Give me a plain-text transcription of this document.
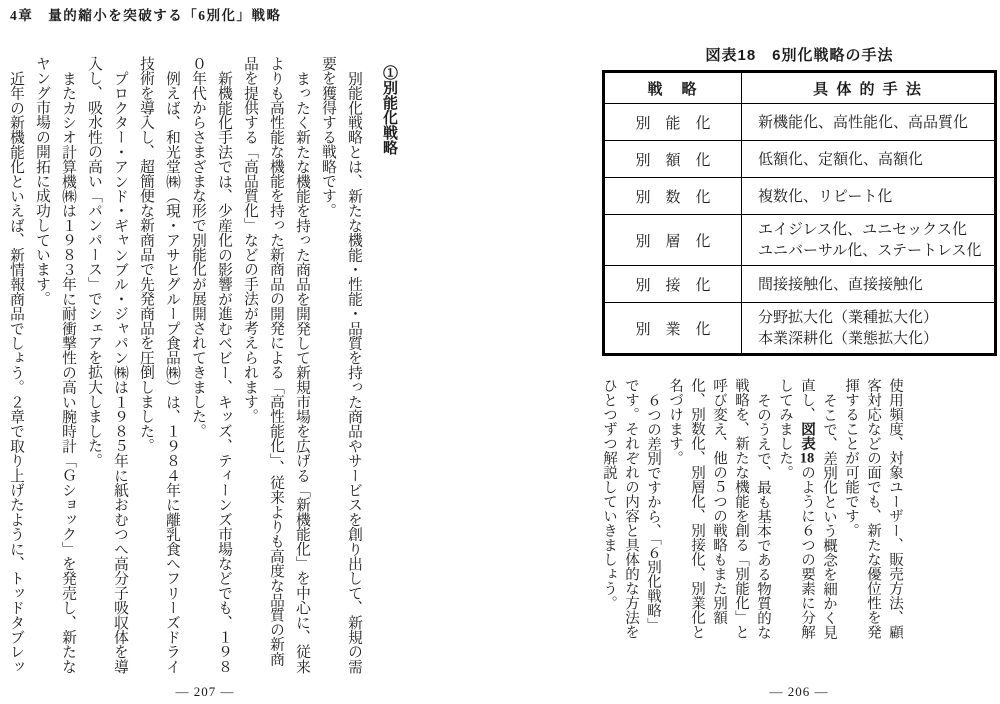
4章　量的縮小を突破する「6別化」戦略

①別能化戦略

別能化戦略とは、新たな機能・性能・品質を持った商品やサービスを創り出して、新規の需要を獲得する戦略です。

まったく新たな機能を持った商品を開発して新規市場を広げる「新機能化」を中心に、従来よりも高性能な機能を持った新商品の開発による「高性能化」、従来よりも高度な品質の新商品を提供する「高品質化」などの手法が考えられます。

新機能化手法では、少産化の影響が進むベビー、キッズ、ティーンズ市場などでも、１９８０年代からさまざまな形で別能化が展開されてきました。

例えば、和光堂㈱（現・アサヒグループ食品㈱）は、１９８４年に離乳食へフリーズドライ技術を導入し、超簡便な新商品で先発商品を圧倒しました。

プロクター・アンド・ギャンブル・ジャパン㈱は１９８５年に紙おむつへ高分子吸収体を導入し、吸水性の高い「パンパース」でシェアを拡大しました。

またカシオ計算機㈱は１９８３年に耐衝撃性の高い腕時計「Ｇショック」を発売し、新たなヤング市場の開拓に成功しています。

近年の新機能化といえば、新情報商品でしょう。２章で取り上げたように、トッドタブレッ

― 207 ―
図表18　6別化戦略の手法
戦　略	具 体 的 手 法
別　能　化	新機能化、高性能化、高品質化

別　額　化	低額化、定額化、高額化

別　数　化	複数化、リピート化

別　層　化	エイジレス化、ユニセックス化
ユニバーサル化、ステートレス化

別　接　化	間接接触化、直接接触化

別　業　化	分野拡大化（業種拡大化）
本業深耕化（業態拡大化）

使用頻度、対象ユーザー、販売方法、顧客対応などの面でも、新たな優位性を発揮することが可能です。

そこで、差別化という概念を細かく見直し、図表18のように６つの要素に分解してみました。

そのうえで、最も基本である物質的な戦略を、新たな機能を創る「別能化」と呼び変え、他の５つの戦略もまた別額化、別数化、別層化、別接化、別業化と名づけます。

６つの差別ですから、「６別化戦略」です。それぞれの内容と具体的な方法をひとつずつ解説していきましょう。

― 206 ―
